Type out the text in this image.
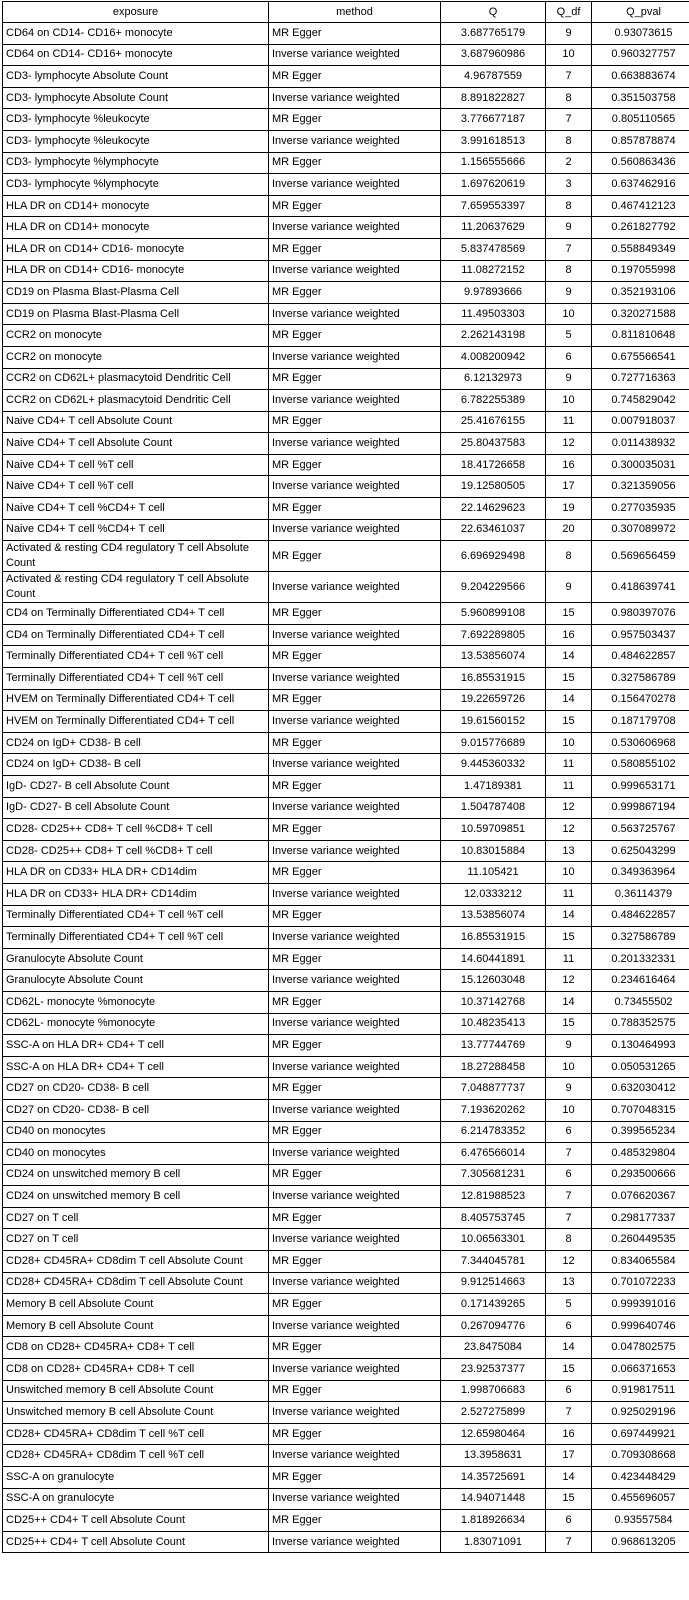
exposure	method	Q	Q_df	Q_pval
CD64 on CD14- CD16+ monocyte	MR Egger	3.687765179	9	0.93073615
CD64 on CD14- CD16+ monocyte	Inverse variance weighted	3.687960986	10	0.960327757
CD3- lymphocyte Absolute Count	MR Egger	4.96787559	7	0.663883674
CD3- lymphocyte Absolute Count	Inverse variance weighted	8.891822827	8	0.351503758
CD3- lymphocyte %leukocyte	MR Egger	3.776677187	7	0.805110565
CD3- lymphocyte %leukocyte	Inverse variance weighted	3.991618513	8	0.857878874
CD3- lymphocyte %lymphocyte	MR Egger	1.156555666	2	0.560863436
CD3- lymphocyte %lymphocyte	Inverse variance weighted	1.697620619	3	0.637462916
HLA DR on CD14+ monocyte	MR Egger	7.659553397	8	0.467412123
HLA DR on CD14+ monocyte	Inverse variance weighted	11.20637629	9	0.261827792
HLA DR on CD14+ CD16- monocyte	MR Egger	5.837478569	7	0.558849349
HLA DR on CD14+ CD16- monocyte	Inverse variance weighted	11.08272152	8	0.197055998
CD19 on Plasma Blast-Plasma Cell	MR Egger	9.97893666	9	0.352193106
CD19 on Plasma Blast-Plasma Cell	Inverse variance weighted	11.49503303	10	0.320271588
CCR2 on monocyte	MR Egger	2.262143198	5	0.811810648
CCR2 on monocyte	Inverse variance weighted	4.008200942	6	0.675566541
CCR2 on CD62L+ plasmacytoid Dendritic Cell	MR Egger	6.12132973	9	0.727716363
CCR2 on CD62L+ plasmacytoid Dendritic Cell	Inverse variance weighted	6.782255389	10	0.745829042
Naive CD4+ T cell Absolute Count	MR Egger	25.41676155	11	0.007918037
Naive CD4+ T cell Absolute Count	Inverse variance weighted	25.80437583	12	0.011438932
Naive CD4+ T cell %T cell	MR Egger	18.41726658	16	0.300035031
Naive CD4+ T cell %T cell	Inverse variance weighted	19.12580505	17	0.321359056
Naive CD4+ T cell %CD4+ T cell	MR Egger	22.14629623	19	0.277035935
Naive CD4+ T cell %CD4+ T cell	Inverse variance weighted	22.63461037	20	0.307089972
Activated & resting CD4 regulatory T cell Absolute Count	MR Egger	6.696929498	8	0.569656459
Activated & resting CD4 regulatory T cell Absolute Count	Inverse variance weighted	9.204229566	9	0.418639741
CD4 on Terminally Differentiated CD4+ T cell	MR Egger	5.960899108	15	0.980397076
CD4 on Terminally Differentiated CD4+ T cell	Inverse variance weighted	7.692289805	16	0.957503437
Terminally Differentiated CD4+ T cell %T cell	MR Egger	13.53856074	14	0.484622857
Terminally Differentiated CD4+ T cell %T cell	Inverse variance weighted	16.85531915	15	0.327586789
HVEM on Terminally Differentiated CD4+ T cell	MR Egger	19.22659726	14	0.156470278
HVEM on Terminally Differentiated CD4+ T cell	Inverse variance weighted	19.61560152	15	0.187179708
CD24 on IgD+ CD38- B cell	MR Egger	9.015776689	10	0.530606968
CD24 on IgD+ CD38- B cell	Inverse variance weighted	9.445360332	11	0.580855102
IgD- CD27- B cell Absolute Count	MR Egger	1.47189381	11	0.999653171
IgD- CD27- B cell Absolute Count	Inverse variance weighted	1.504787408	12	0.999867194
CD28- CD25++ CD8+ T cell %CD8+ T cell	MR Egger	10.59709851	12	0.563725767
CD28- CD25++ CD8+ T cell %CD8+ T cell	Inverse variance weighted	10.83015884	13	0.625043299
HLA DR on CD33+ HLA DR+ CD14dim	MR Egger	11.105421	10	0.349363964
HLA DR on CD33+ HLA DR+ CD14dim	Inverse variance weighted	12.0333212	11	0.36114379
Terminally Differentiated CD4+ T cell %T cell	MR Egger	13.53856074	14	0.484622857
Terminally Differentiated CD4+ T cell %T cell	Inverse variance weighted	16.85531915	15	0.327586789
Granulocyte Absolute Count	MR Egger	14.60441891	11	0.201332331
Granulocyte Absolute Count	Inverse variance weighted	15.12603048	12	0.234616464
CD62L- monocyte %monocyte	MR Egger	10.37142768	14	0.73455502
CD62L- monocyte %monocyte	Inverse variance weighted	10.48235413	15	0.788352575
SSC-A on HLA DR+ CD4+ T cell	MR Egger	13.77744769	9	0.130464993
SSC-A on HLA DR+ CD4+ T cell	Inverse variance weighted	18.27288458	10	0.050531265
CD27 on CD20- CD38- B cell	MR Egger	7.048877737	9	0.632030412
CD27 on CD20- CD38- B cell	Inverse variance weighted	7.193620262	10	0.707048315
CD40 on monocytes	MR Egger	6.214783352	6	0.399565234
CD40 on monocytes	Inverse variance weighted	6.476566014	7	0.485329804
CD24 on unswitched memory B cell	MR Egger	7.305681231	6	0.293500666
CD24 on unswitched memory B cell	Inverse variance weighted	12.81988523	7	0.076620367
CD27 on T cell	MR Egger	8.405753745	7	0.298177337
CD27 on T cell	Inverse variance weighted	10.06563301	8	0.260449535
CD28+ CD45RA+ CD8dim T cell Absolute Count	MR Egger	7.344045781	12	0.834065584
CD28+ CD45RA+ CD8dim T cell Absolute Count	Inverse variance weighted	9.912514663	13	0.701072233
Memory B cell Absolute Count	MR Egger	0.171439265	5	0.999391016
Memory B cell Absolute Count	Inverse variance weighted	0.267094776	6	0.999640746
CD8 on CD28+ CD45RA+ CD8+ T cell	MR Egger	23.8475084	14	0.047802575
CD8 on CD28+ CD45RA+ CD8+ T cell	Inverse variance weighted	23.92537377	15	0.066371653
Unswitched memory B cell Absolute Count	MR Egger	1.998706683	6	0.919817511
Unswitched memory B cell Absolute Count	Inverse variance weighted	2.527275899	7	0.925029196
CD28+ CD45RA+ CD8dim T cell %T cell	MR Egger	12.65980464	16	0.697449921
CD28+ CD45RA+ CD8dim T cell %T cell	Inverse variance weighted	13.3958631	17	0.709308668
SSC-A on granulocyte	MR Egger	14.35725691	14	0.423448429
SSC-A on granulocyte	Inverse variance weighted	14.94071448	15	0.455696057
CD25++ CD4+ T cell Absolute Count	MR Egger	1.818926634	6	0.93557584
CD25++ CD4+ T cell Absolute Count	Inverse variance weighted	1.83071091	7	0.968613205
